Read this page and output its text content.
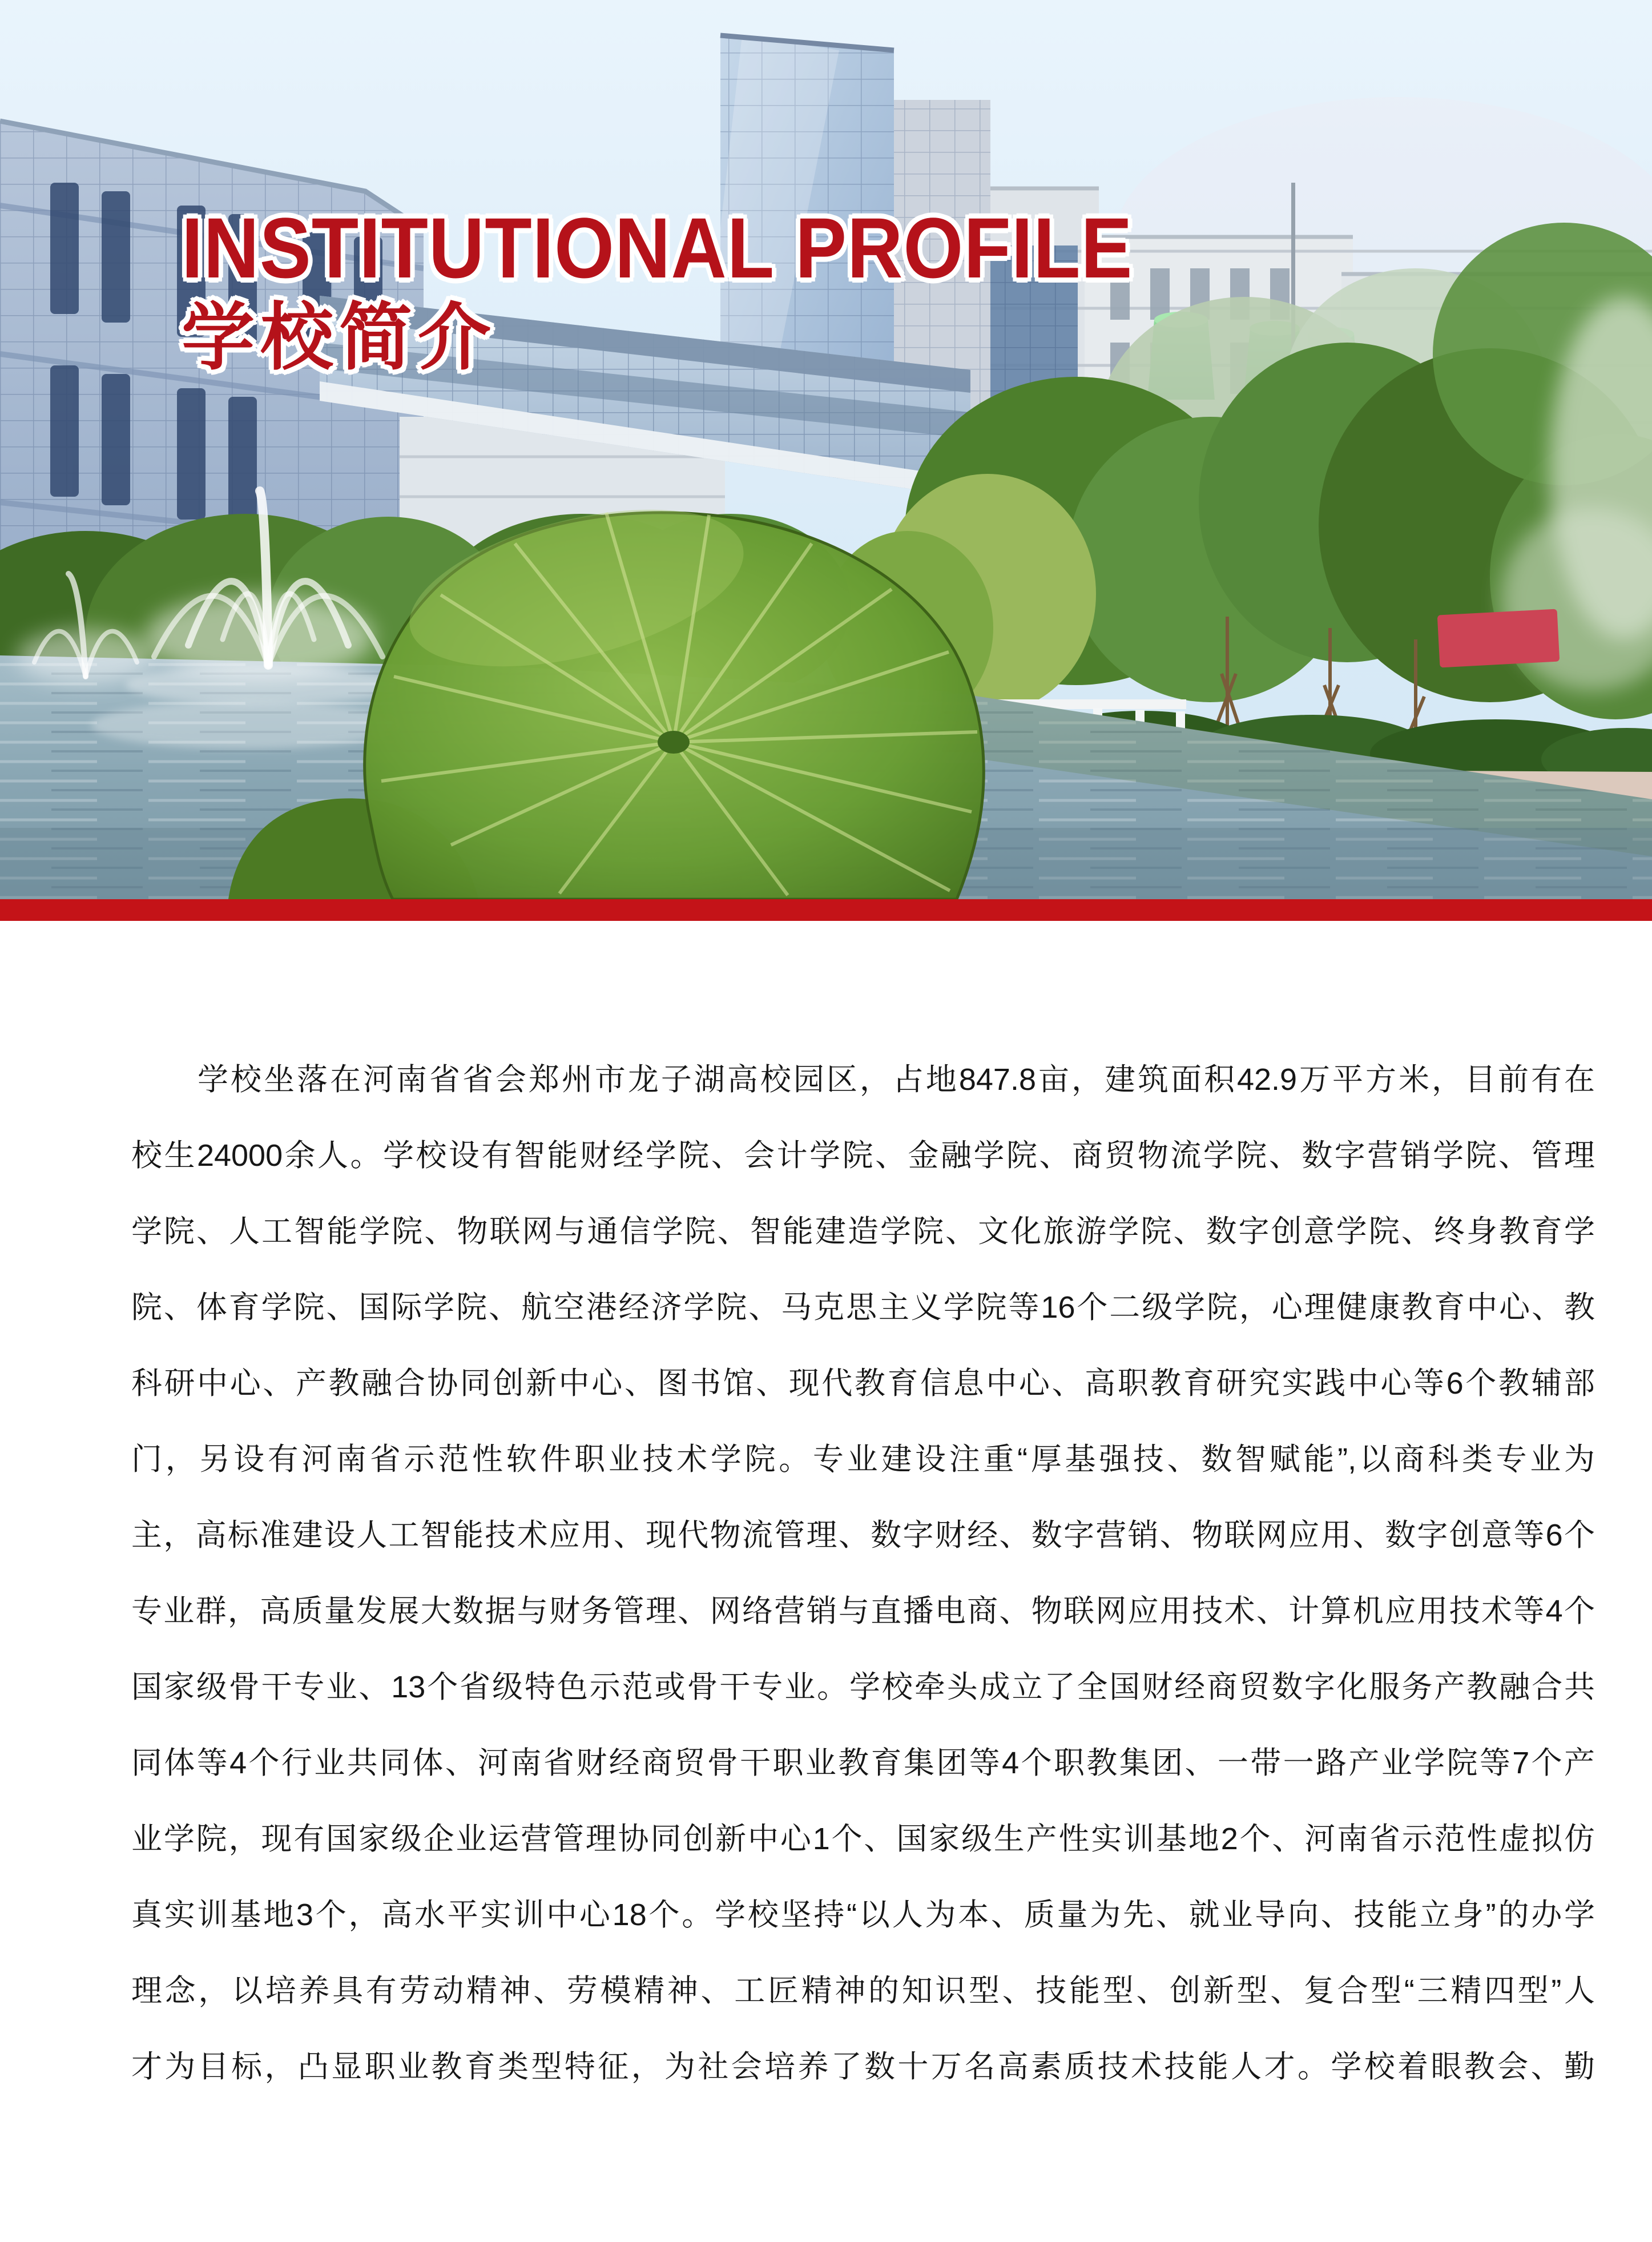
INSTITUTIONAL PROFILE
学校简介
　　学校坐落在河南省省会郑州市龙子湖高校园区，占地847.8亩，建筑面积42.9万平方米，目前有在
校生24000余人。学校设有智能财经学院、会计学院、金融学院、商贸物流学院、数字营销学院、管理
学院、人工智能学院、物联网与通信学院、智能建造学院、文化旅游学院、数字创意学院、终身教育学
院、体育学院、国际学院、航空港经济学院、马克思主义学院等16个二级学院，心理健康教育中心、教
科研中心、产教融合协同创新中心、图书馆、现代教育信息中心、高职教育研究实践中心等6个教辅部
门，另设有河南省示范性软件职业技术学院。专业建设注重“厚基强技、数智赋能”,以商科类专业为
主，高标准建设人工智能技术应用、现代物流管理、数字财经、数字营销、物联网应用、数字创意等6个
专业群，高质量发展大数据与财务管理、网络营销与直播电商、物联网应用技术、计算机应用技术等4个
国家级骨干专业、13个省级特色示范或骨干专业。学校牵头成立了全国财经商贸数字化服务产教融合共
同体等4个行业共同体、河南省财经商贸骨干职业教育集团等4个职教集团、一带一路产业学院等7个产
业学院，现有国家级企业运营管理协同创新中心1个、国家级生产性实训基地2个、河南省示范性虚拟仿
真实训基地3个，高水平实训中心18个。学校坚持“以人为本、质量为先、就业导向、技能立身”的办学
理念，以培养具有劳动精神、劳模精神、工匠精神的知识型、技能型、创新型、复合型“三精四型”人
才为目标，凸显职业教育类型特征，为社会培养了数十万名高素质技术技能人才。学校着眼教会、勤
